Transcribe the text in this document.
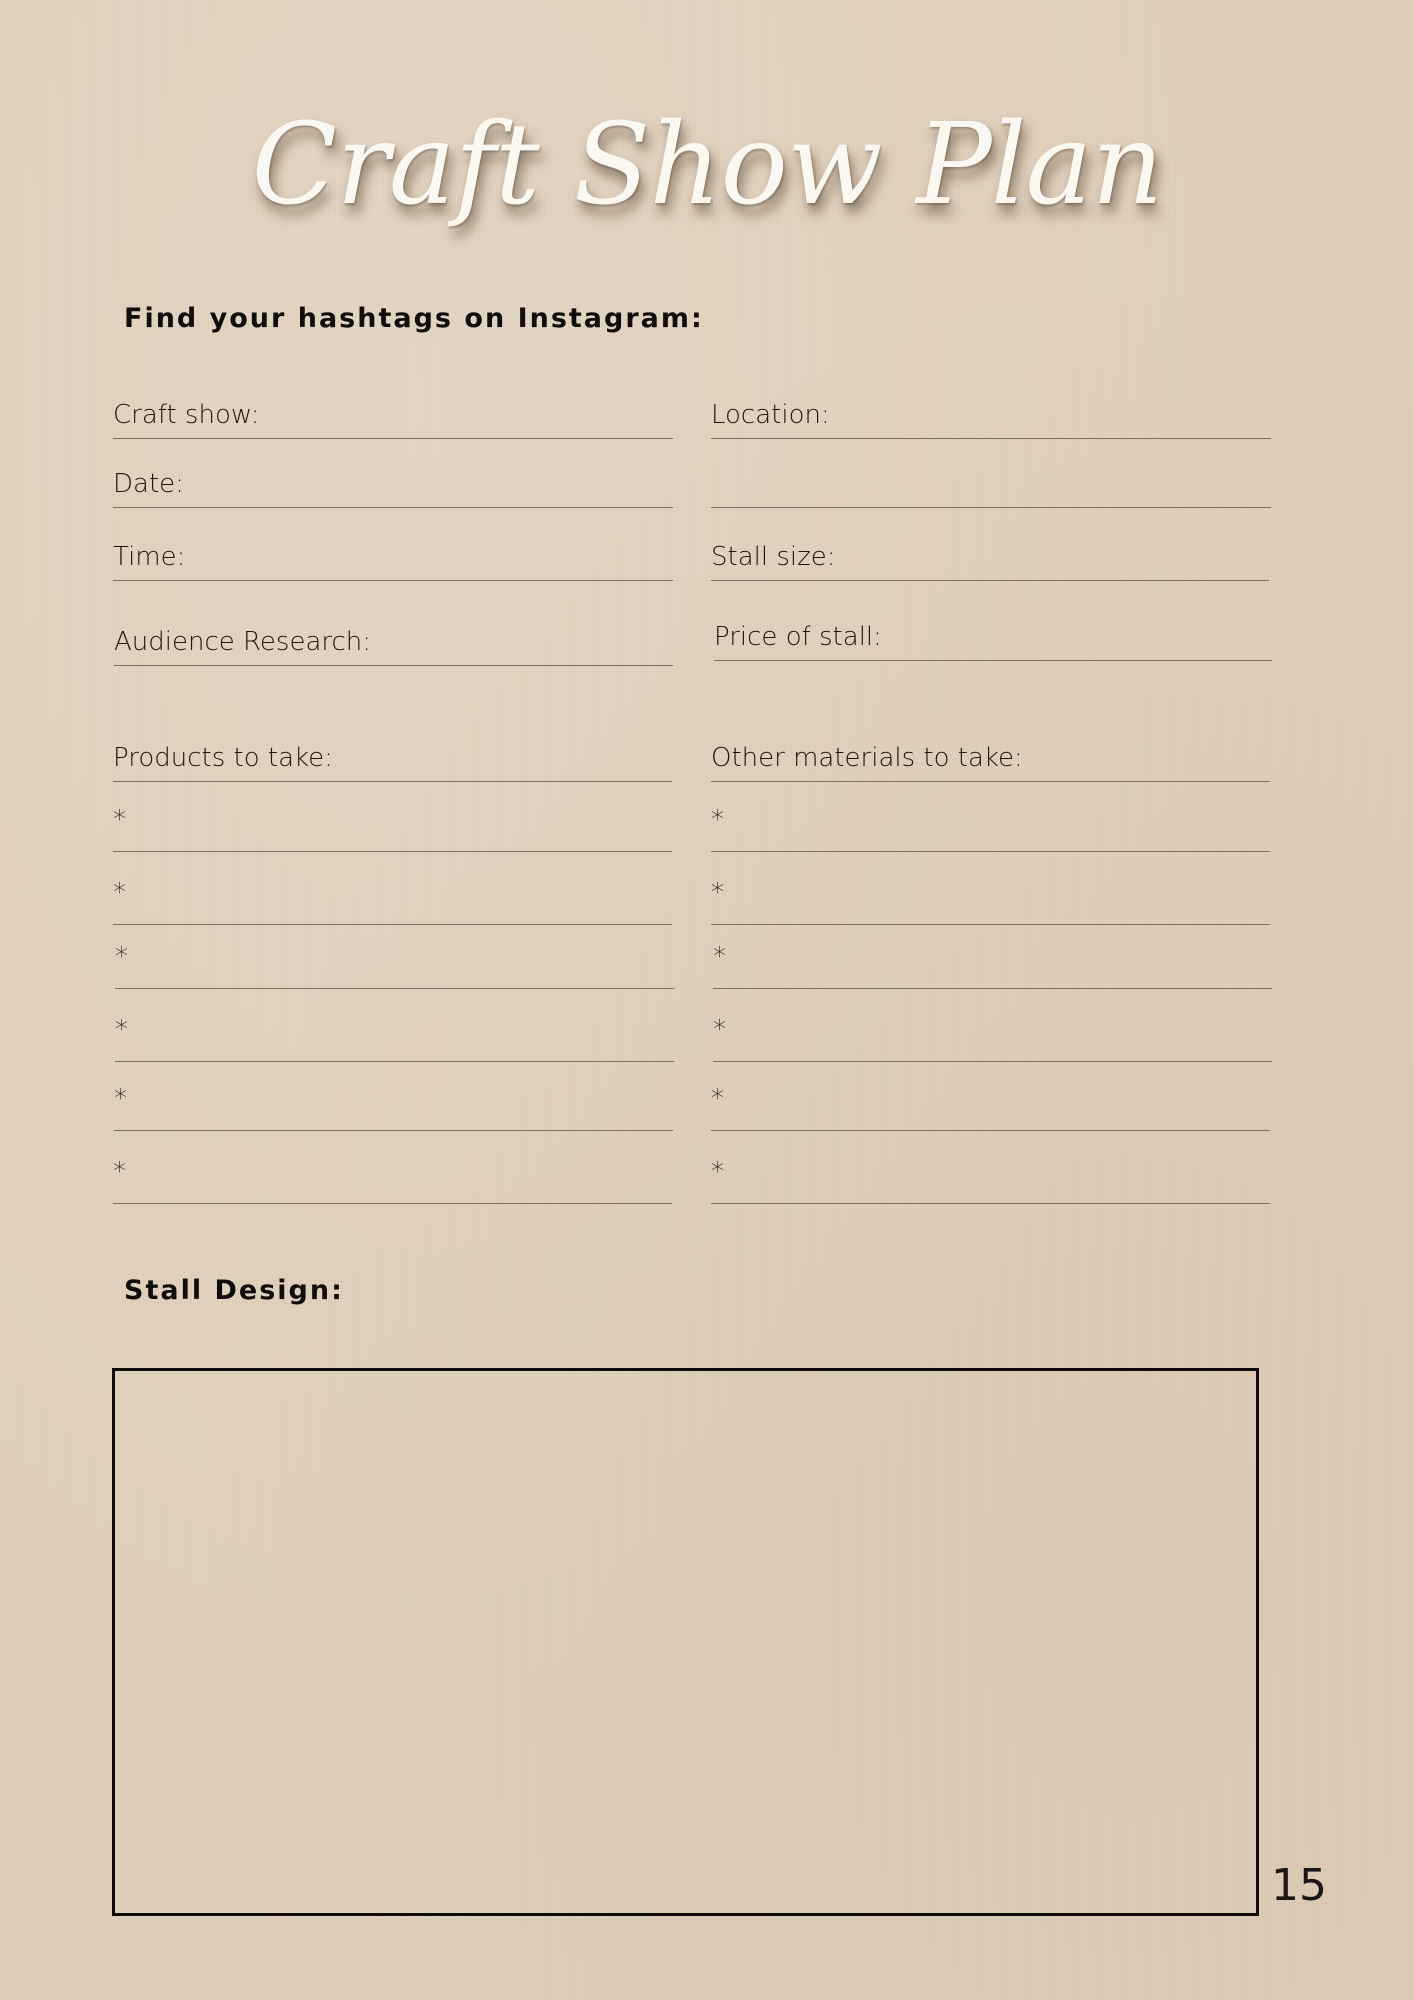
Craft Show Plan
Find your hashtags on Instagram:
Craft show:	Location:
Date:
Time:	Stall size:
Audience Research:	Price of stall:
Products to take:
*
*
*
*
*
*
Other materials to take:
*
*
*
*
*
*
Stall Design:
15
